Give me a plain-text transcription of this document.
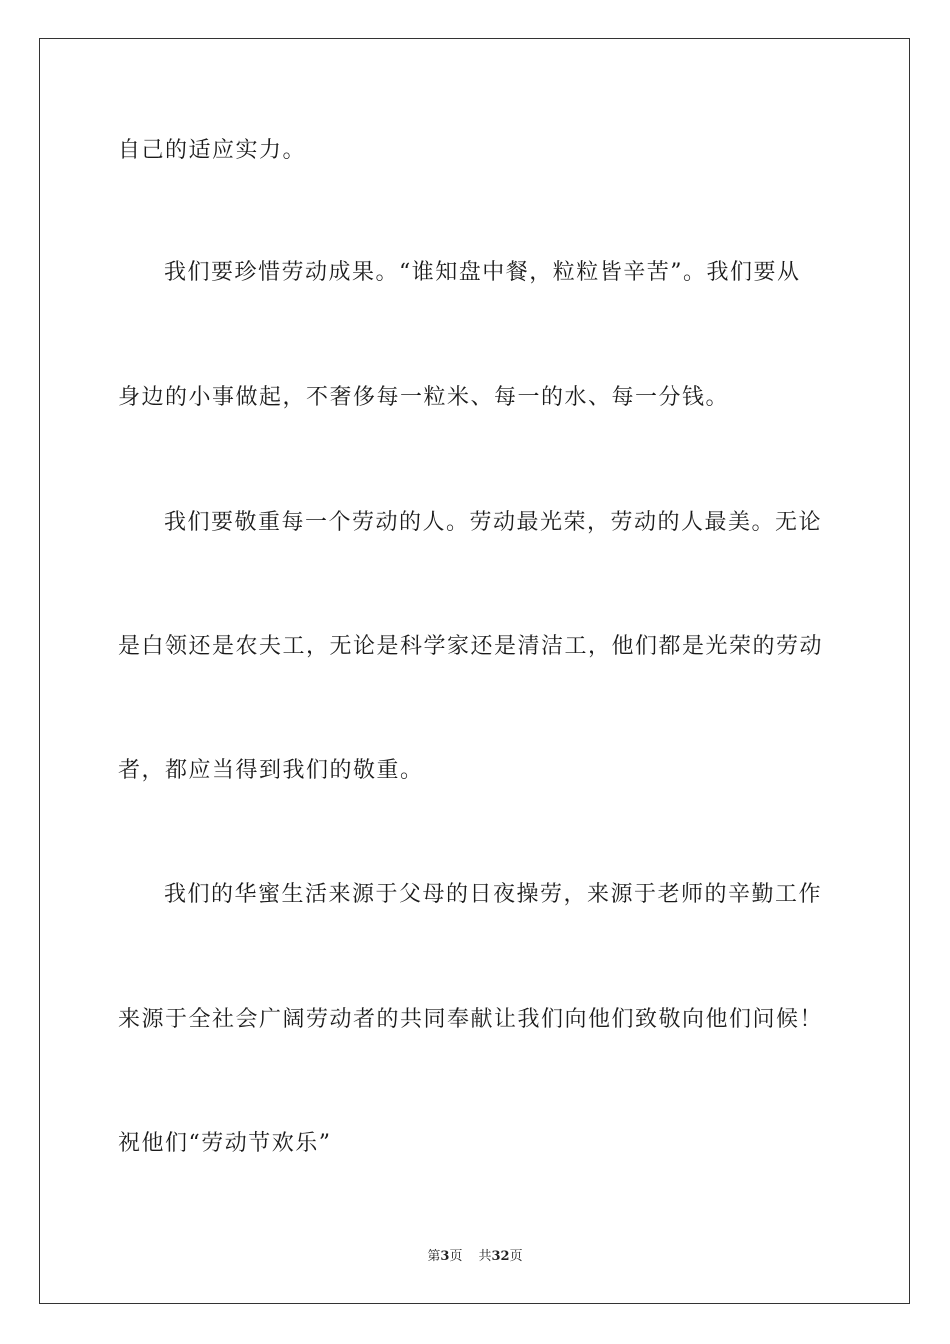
自己的适应实力。
我们要珍惜劳动成果。“谁知盘中餐，粒粒皆辛苦”。我们要从
身边的小事做起，不奢侈每一粒米、每一的水、每一分钱。
我们要敬重每一个劳动的人。劳动最光荣，劳动的人最美。无论
是白领还是农夫工，无论是科学家还是清洁工，他们都是光荣的劳动
者，都应当得到我们的敬重。
我们的华蜜生活来源于父母的日夜操劳，来源于老师的辛勤工作
来源于全社会广阔劳动者的共同奉献让我们向他们致敬向他们问候！
祝他们“劳动节欢乐”
第3页 共32页
